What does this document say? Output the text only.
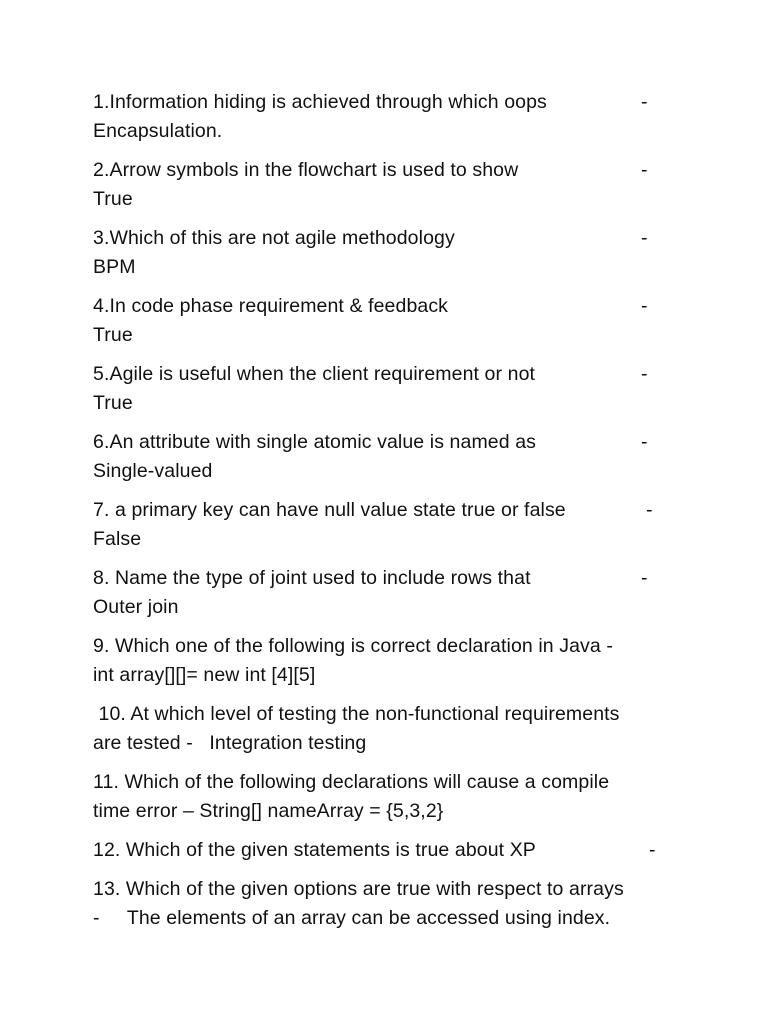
1.Information hiding is achieved through which oops	-
Encapsulation.
2.Arrow symbols in the flowchart is used to show	-
True
3.Which of this are not agile methodology	-
BPM
4.In code phase requirement & feedback	-
True
5.Agile is useful when the client requirement or not	-
True
6.An attribute with single atomic value is named as	-
Single-valued
7. a primary key can have null value state true or false	-
False
8. Name the type of joint used to include rows that	-
Outer join
9. Which one of the following is correct declaration in Java -
int array[][]= new int [4][5]
10. At which level of testing the non-functional requirements
are tested -   Integration testing
11. Which of the following declarations will cause a compile
time error – String[] nameArray = {5,3,2}
12. Which of the given statements is true about XP	-
13. Which of the given options are true with respect to arrays
-     The elements of an array can be accessed using index.
